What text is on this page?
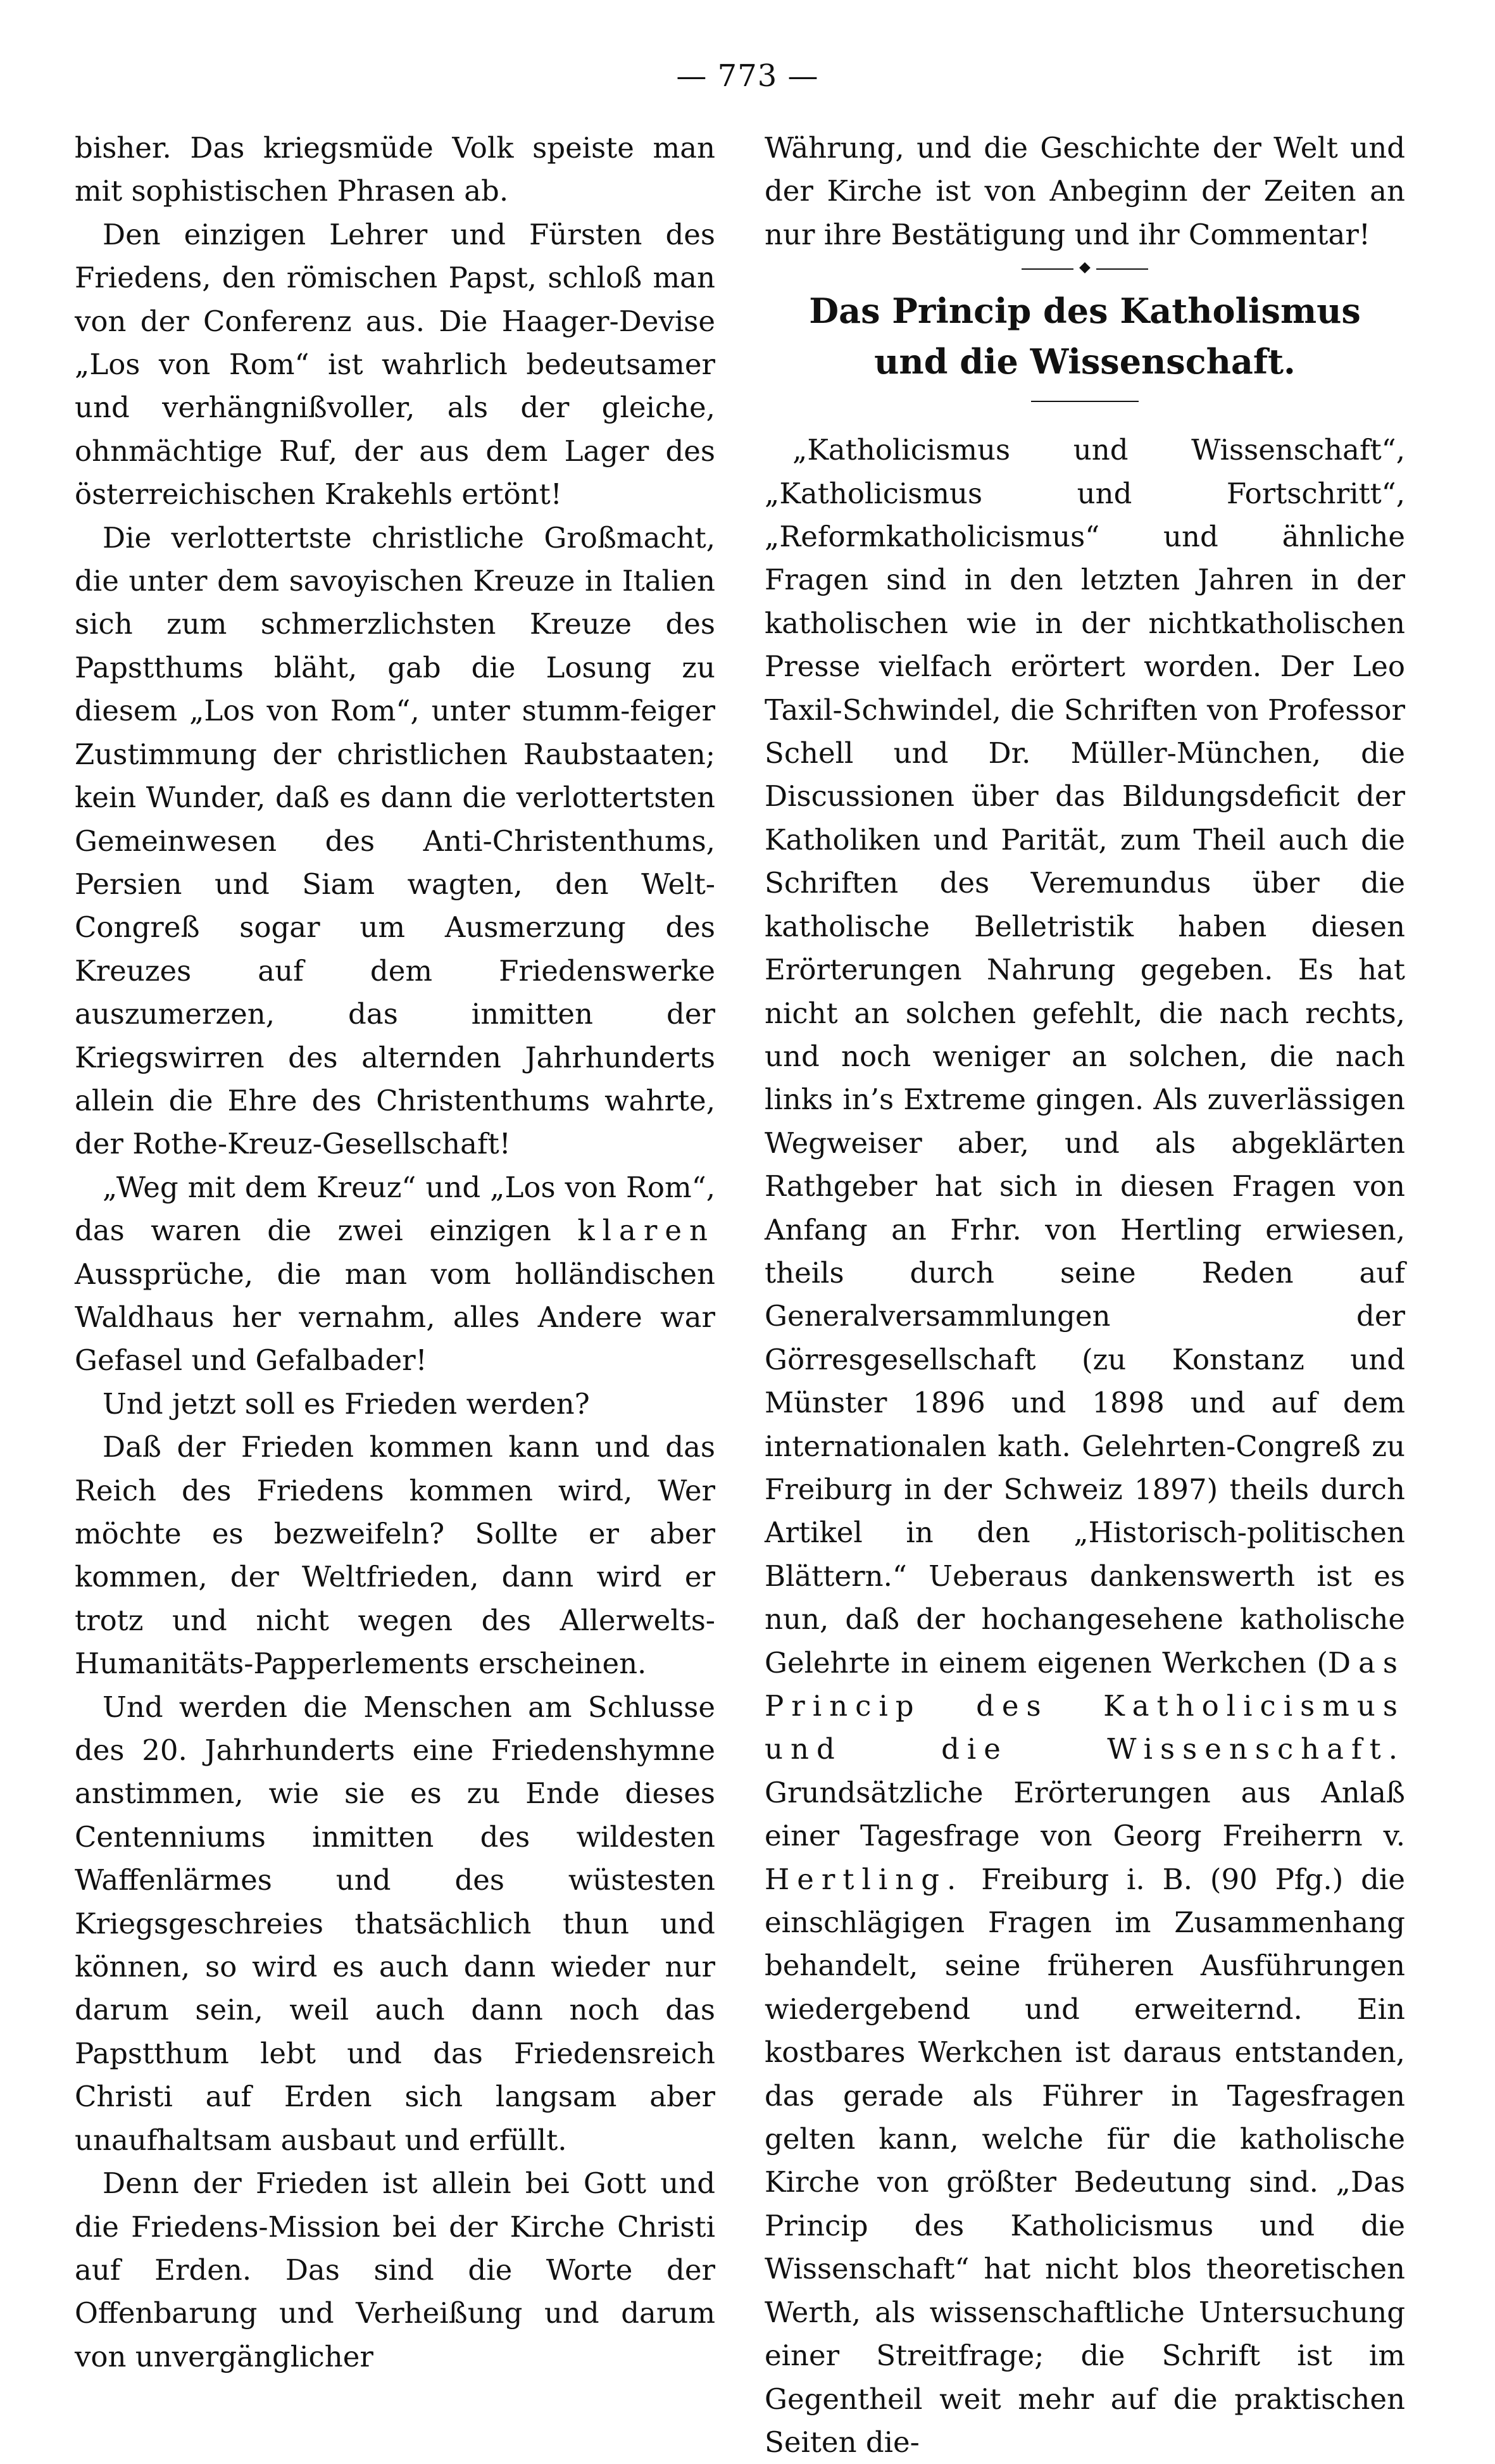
— 773 —

bisher. Das kriegsmüde Volk speiste man mit sophistischen Phrasen ab.

Den einzigen Lehrer und Fürsten des Friedens, den römischen Papst, schloß man von der Conferenz aus. Die Haager-Devise „Los von Rom“ ist wahrlich bedeutsamer und verhängnißvoller, als der gleiche, ohnmächtige Ruf, der aus dem Lager des österreichischen Krakehls ertönt!

Die verlottertste christliche Großmacht, die unter dem savoyischen Kreuze in Italien sich zum schmerzlichsten Kreuze des Papstthums bläht, gab die Losung zu diesem „Los von Rom“, unter stumm-feiger Zustimmung der christlichen Raubstaaten; kein Wunder, daß es dann die verlottertsten Gemeinwesen des Anti-Christenthums, Persien und Siam wagten, den Welt-Congreß sogar um Ausmerzung des Kreuzes auf dem Friedenswerke auszumerzen, das inmitten der Kriegswirren des alternden Jahrhunderts allein die Ehre des Christenthums wahrte, der Rothe-Kreuz-Gesellschaft!

„Weg mit dem Kreuz“ und „Los von Rom“, das waren die zwei einzigen klaren Aussprüche, die man vom holländischen Waldhaus her vernahm, alles Andere war Gefasel und Gefalbader!

Und jetzt soll es Frieden werden?

Daß der Frieden kommen kann und das Reich des Friedens kommen wird, Wer möchte es bezweifeln? Sollte er aber kommen, der Weltfrieden, dann wird er trotz und nicht wegen des Allerwelts-Humanitäts-Papperlements erscheinen.

Und werden die Menschen am Schlusse des 20. Jahrhunderts eine Friedenshymne anstimmen, wie sie es zu Ende dieses Centenniums inmitten des wildesten Waffenlärmes und des wüstesten Kriegsgeschreies thatsächlich thun und können, so wird es auch dann wieder nur darum sein, weil auch dann noch das Papstthum lebt und das Friedensreich Christi auf Erden sich langsam aber unaufhaltsam ausbaut und erfüllt.

Denn der Frieden ist allein bei Gott und die Friedens-Mission bei der Kirche Christi auf Erden. Das sind die Worte der Offenbarung und Verheißung und darum von unvergänglicher

Währung, und die Geschichte der Welt und der Kirche ist von Anbeginn der Zeiten an nur ihre Bestätigung und ihr Commentar!

⬥
Das Princip des Katholismus und die Wissenschaft.

„Katholicismus und Wissenschaft“, „Katholicismus und Fortschritt“, „Reformkatholicismus“ und ähnliche Fragen sind in den letzten Jahren in der katholischen wie in der nichtkatholischen Presse vielfach erörtert worden. Der Leo Taxil-Schwindel, die Schriften von Professor Schell und Dr. Müller-München, die Discussionen über das Bildungsdeficit der Katholiken und Parität, zum Theil auch die Schriften des Veremundus über die katholische Belletristik haben diesen Erörterungen Nahrung gegeben. Es hat nicht an solchen gefehlt, die nach rechts, und noch weniger an solchen, die nach links in’s Extreme gingen. Als zuverlässigen Wegweiser aber, und als abgeklärten Rathgeber hat sich in diesen Fragen von Anfang an Frhr. von Hertling erwiesen, theils durch seine Reden auf Generalversammlungen der Görresgesellschaft (zu Konstanz und Münster 1896 und 1898 und auf dem internationalen kath. Gelehrten-Congreß zu Freiburg in der Schweiz 1897) theils durch Artikel in den „Historisch-politischen Blättern.“ Ueberaus dankenswerth ist es nun, daß der hochangesehene katholische Gelehrte in einem eigenen Werkchen (Das Princip des Katholicismus und die Wissenschaft. Grundsätzliche Erörterungen aus Anlaß einer Tagesfrage von Georg Freiherrn v. Hertling. Freiburg i. B. (90 Pfg.) die einschlägigen Fragen im Zusammenhang behandelt, seine früheren Ausführungen wiedergebend und erweiternd. Ein kostbares Werkchen ist daraus entstanden, das gerade als Führer in Tagesfragen gelten kann, welche für die katholische Kirche von größter Bedeutung sind. „Das Princip des Katholicismus und die Wissenschaft“ hat nicht blos theoretischen Werth, als wissenschaftliche Untersuchung einer Streitfrage; die Schrift ist im Gegentheil weit mehr auf die praktischen Seiten die-
